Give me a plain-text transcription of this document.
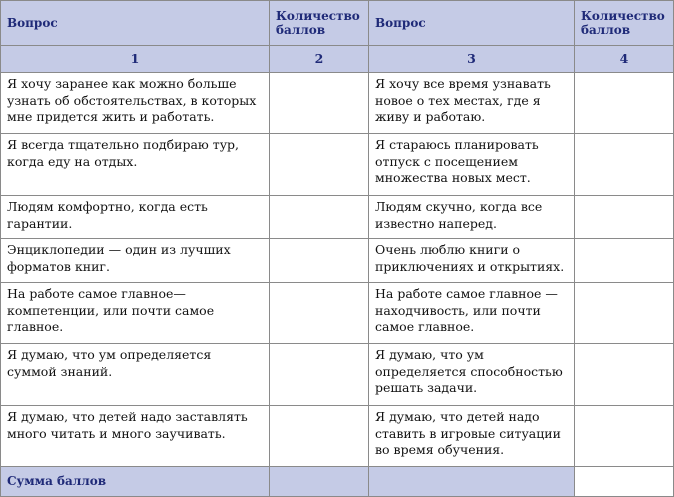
Вопрос	Количество баллов	Вопрос	Количество баллов
1	2	3	4
Я хочу заранее как можно больше узнать об обстоятельствах, в которых мне придется жить и работать.		Я хочу все время узнавать новое о тех местах, где я живу и работаю.	
Я всегда тщательно подбираю тур, когда еду на отдых.		Я стараюсь планировать отпуск с посещением множества новых мест.	
Людям комфортно, когда есть гарантии.		Людям скучно, когда все известно наперед.	
Энциклопедии — один из лучших форматов книг.		Очень люблю книги о приключениях и открытиях.	
На работе самое главное— компетенции, или почти самое главное.		На работе самое главное — находчивость, или почти самое главное.	
Я думаю, что ум определяется суммой знаний.		Я думаю, что ум определяется способностью решать задачи.	
Я думаю, что детей надо заставлять много читать и много заучивать.		Я думаю, что детей надо ставить в игровые ситуации во время обучения.	
Сумма баллов			
